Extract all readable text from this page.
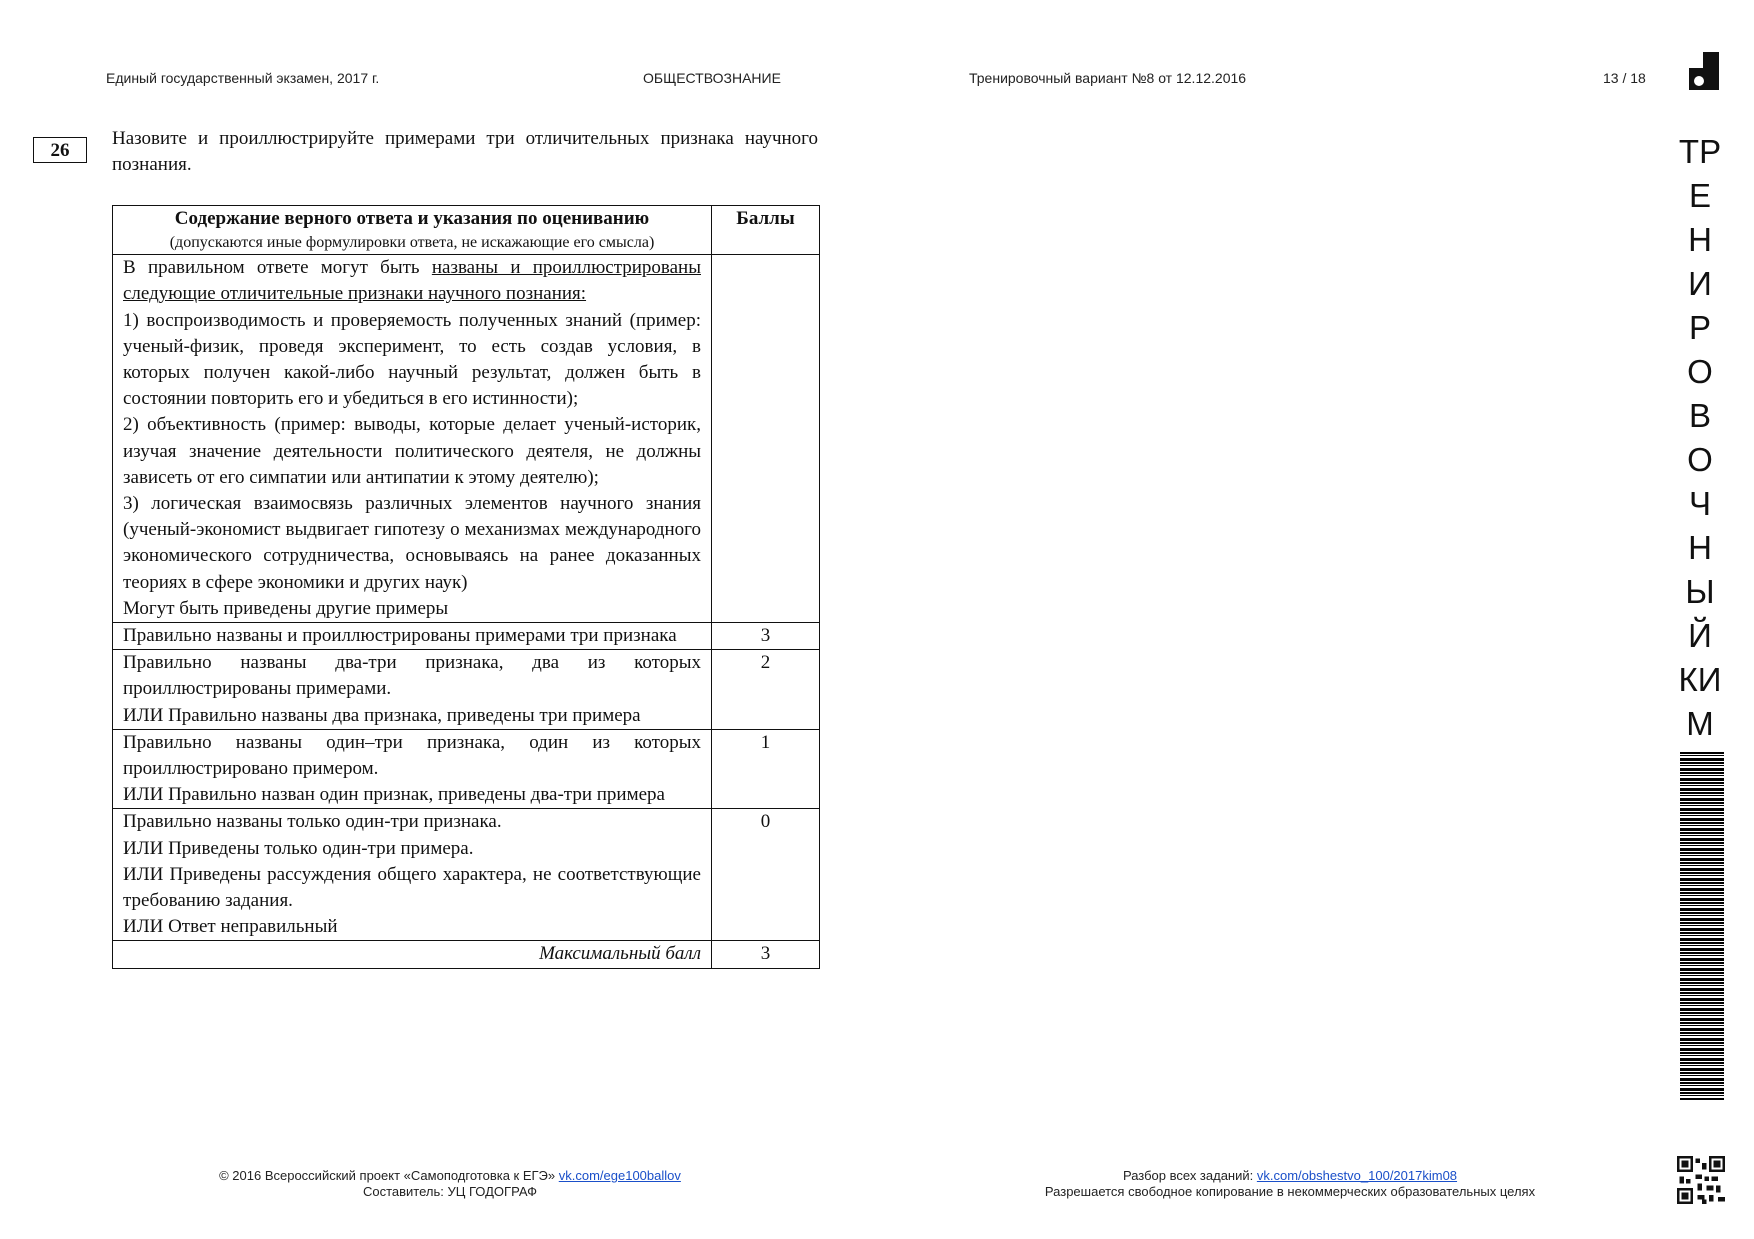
Единый государственный экзамен, 2017 г.	ОБЩЕСТВОЗНАНИЕ	Тренировочный вариант №8 от 12.12.2016	13 / 18
26
Назовите и проиллюстрируйте примерами три отличительных признака научного познания.
Содержание верного ответа и указания по оцениванию
(допускаются иные формулировки ответа, не искажающие его смысла)	Баллы

В правильном ответе могут быть названы и проиллюстрированы следующие отличительные признаки научного познания:
1) воспроизводимость и проверяемость полученных знаний (пример: ученый-физик, проведя эксперимент, то есть создав условия, в которых получен какой-либо научный результат, должен быть в состоянии повторить его и убедиться в его истинности);
2) объективность (пример: выводы, которые делает ученый-историк, изучая значение деятельности политического деятеля, не должны зависеть от его симпатии или антипатии к этому деятелю);
3) логическая взаимосвязь различных элементов научного знания (ученый-экономист выдвигает гипотезу о механизмах международного экономического сотрудничества, основываясь на ранее доказанных теориях в сфере экономики и других наук)
Могут быть приведены другие примеры	

Правильно названы и проиллюстрированы примерами три признака	3

Правильно названы два-три признака, два из которых проиллюстрированы примерами.
ИЛИ Правильно названы два признака, приведены три примера	2

Правильно названы один–три признака, один из которых проиллюстрировано примером.
ИЛИ Правильно назван один признак, приведены два-три примера	1

Правильно названы только один-три признака.
ИЛИ Приведены только один-три примера.
ИЛИ Приведены рассуждения общего характера, не соответствующие требованию задания.
ИЛИ Ответ неправильный	0
Максимальный балл	3
ТР
Е
Н
И
Р
О
В
О
Ч
Н
Ы
Й
КИ
М
© 2016 Всероссийский проект «Самоподготовка к ЕГЭ» vk.com/ege100ballov
Составитель: УЦ ГОДОГРАФ
Разбор всех заданий: vk.com/obshestvo_100/2017kim08
Разрешается свободное копирование в некоммерческих образовательных целях
